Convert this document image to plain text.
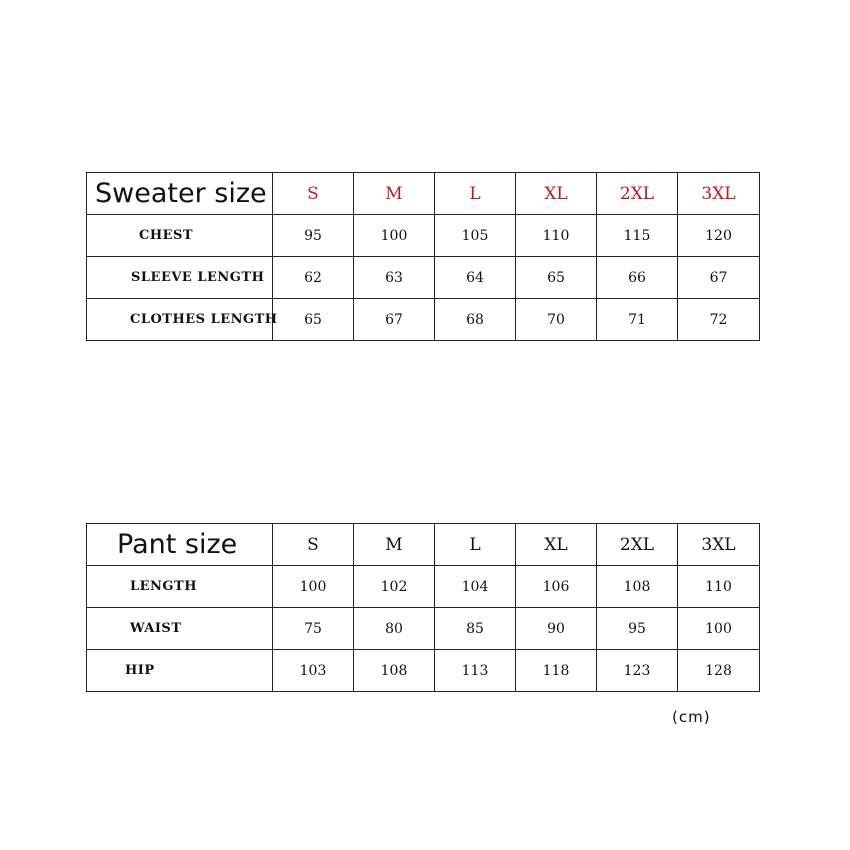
Sweater size	S	M	L	XL	2XL	3XL
CHEST	95	100	105	110	115	120
SLEEVE LENGTH	62	63	64	65	66	67
CLOTHES LENGTH	65	67	68	70	71	72
Pant size	S	M	L	XL	2XL	3XL
LENGTH	100	102	104	106	108	110
WAIST	75	80	85	90	95	100
HIP	103	108	113	118	123	128
(cm)
